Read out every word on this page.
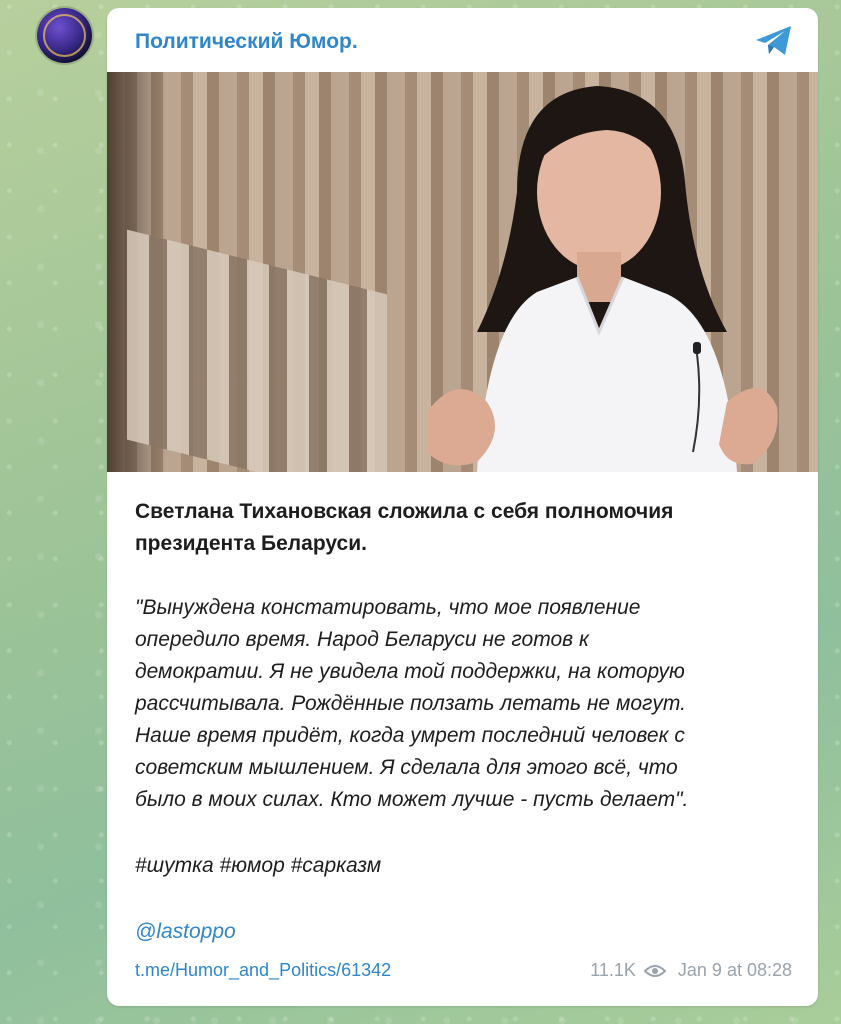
Политический Юмор.
Светлана Тихановская сложила с себя полномочия
президента Беларуси.
"Вынуждена констатировать, что мое появление
опередило время. Народ Беларуси не готов к
демократии. Я не увидела той поддержки, на которую
рассчитывала. Рождённые ползать летать не могут.
Наше время придёт, когда умрет последний человек с
советским мышлением. Я сделала для этого всё, что
было в моих силах. Кто может лучше - пусть делает".
#шутка #юмор #сарказм
@lastoppo
t.me/Humor_and_Politics/61342	11.1K Jan 9 at 08:28
